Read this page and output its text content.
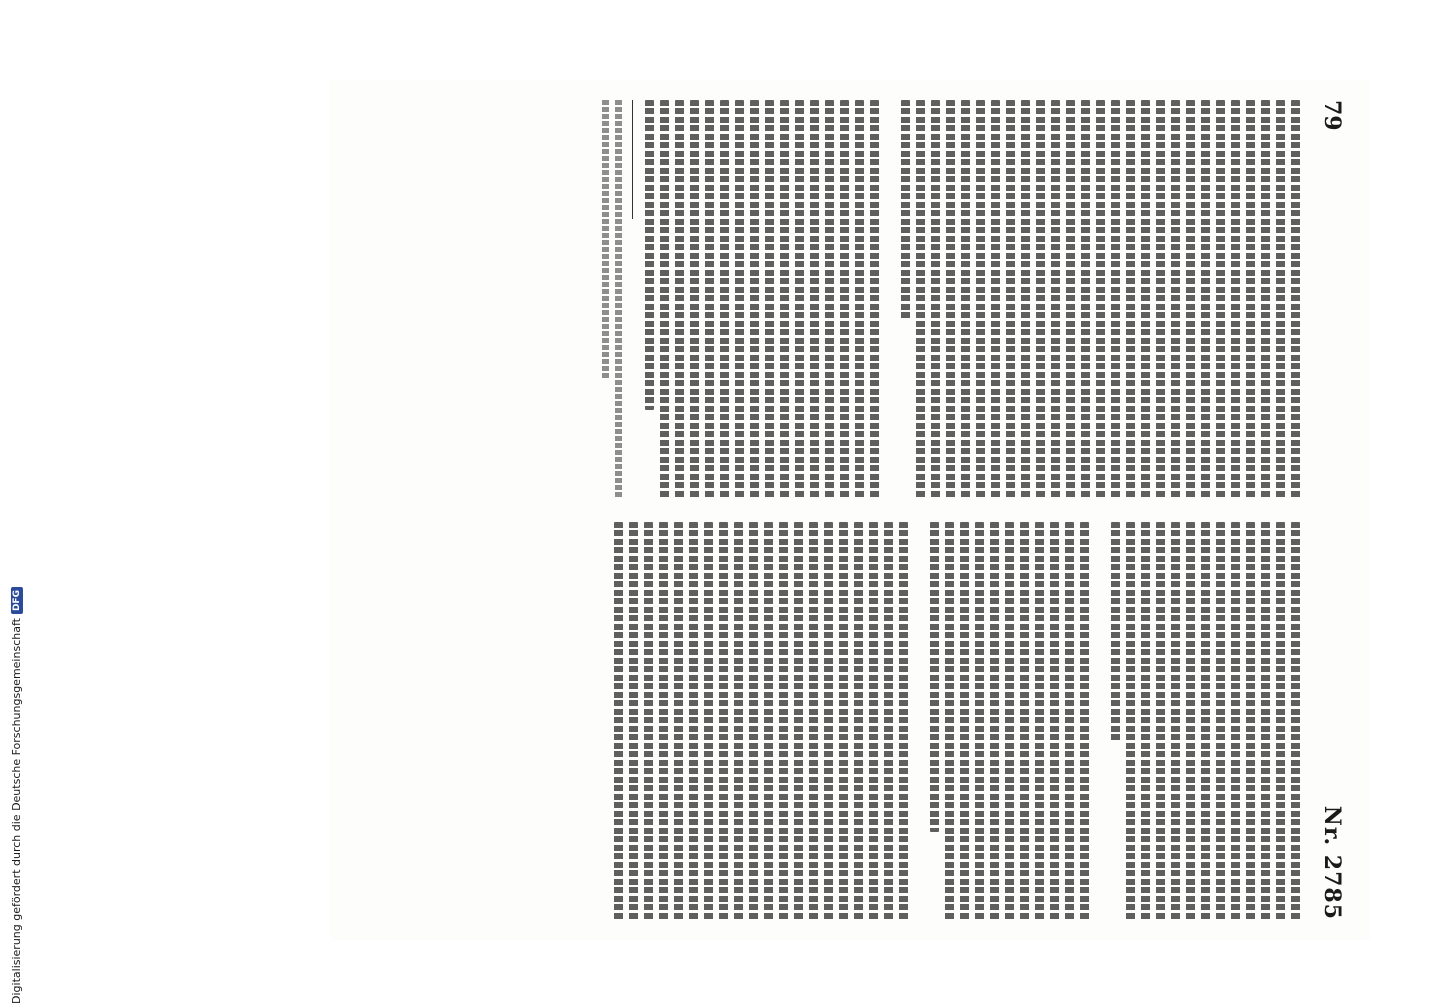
Digitalisierung gefördert durch die Deutsche Forschungsgemeinschaft
DFG
79
Nr. 2785
